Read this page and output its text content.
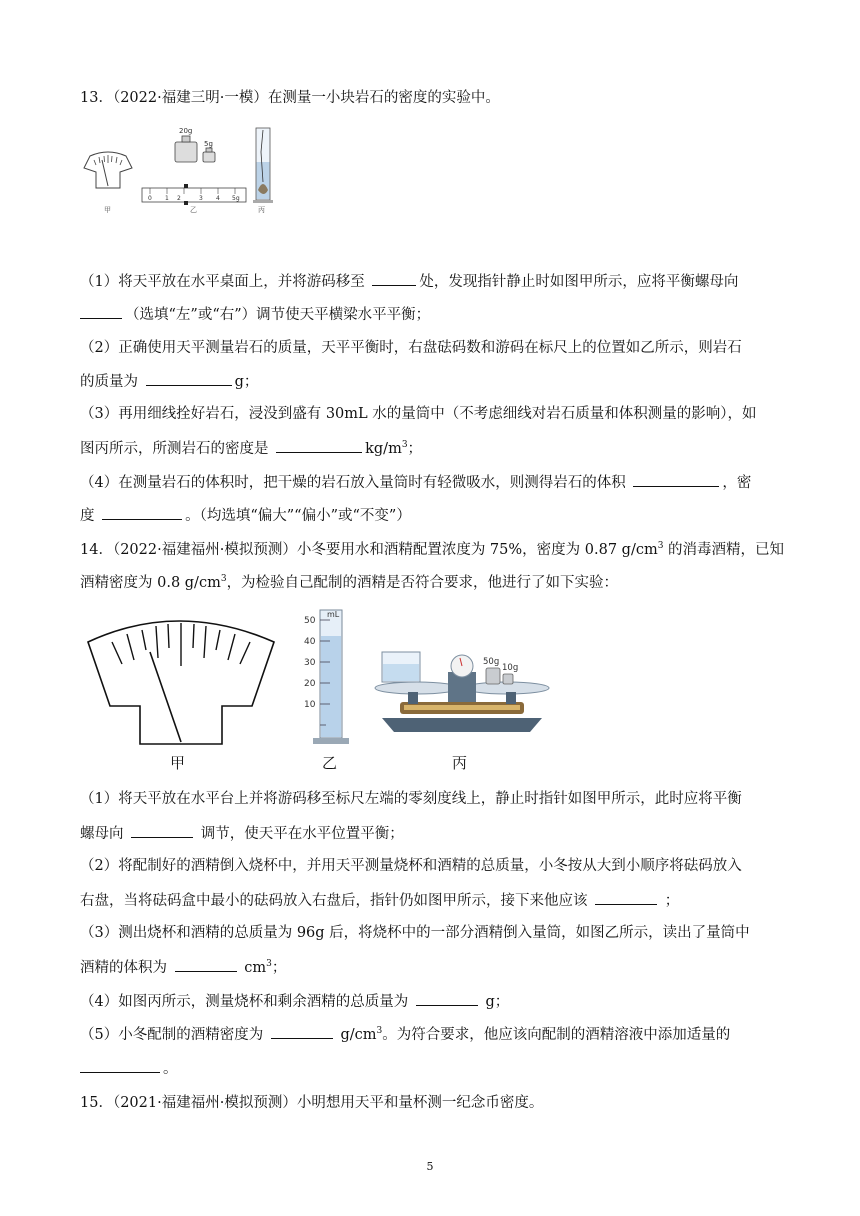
13．（2022·福建三明·一模）在测量一小块岩石的密度的实验中。
甲
20g
5g
0 1 2	3 4 5g
乙	丙
（1）将天平放在水平桌面上，并将游码移至	处，发现指针静止时如图甲所示，应将平衡螺母向
（选填“左”或“右”）调节使天平横梁水平平衡；
（2）正确使用天平测量岩石的质量，天平平衡时，右盘砝码数和游码在标尺上的位置如乙所示，则岩石
的质量为	g；
（3）再用细线拴好岩石，浸没到盛有 30mL 水的量筒中（不考虑细线对岩石质量和体积测量的影响），如
图丙所示，所测岩石的密度是	$kg/m^3$；
（4）在测量岩石的体积时，把干燥的岩石放入量筒时有轻微吸水，则测得岩石的体积	，密
度	。（均选填“偏大”“偏小”或“不变”）
14．（2022·福建福州·模拟预测）小冬要用水和酒精配置浓度为 75%，密度为 0.87 $g/cm^3$ 的消毒酒精，已知
酒精密度为 0.8 $g/cm^3$，为检验自己配制的酒精是否符合要求，他进行了如下实验：
甲
mL
50
40
30
20
10
乙
50g
10g
丙
（1）将天平放在水平台上并将游码移至标尺左端的零刻度线上，静止时指针如图甲所示，此时应将平衡
螺母向	调节，使天平在水平位置平衡；
（2）将配制好的酒精倒入烧杯中，并用天平测量烧杯和酒精的总质量，小冬按从大到小顺序将砝码放入
右盘，当将砝码盒中最小的砝码放入右盘后，指针仍如图甲所示，接下来他应该	；
（3）测出烧杯和酒精的总质量为 96g 后，将烧杯中的一部分酒精倒入量筒，如图乙所示，读出了量筒中
酒精的体积为	$cm^3$；
（4）如图丙所示，测量烧杯和剩余酒精的总质量为	g；
（5）小冬配制的酒精密度为	$g/cm^3$。为符合要求，他应该向配制的酒精溶液中添加适量的
。
15．（2021·福建福州·模拟预测）小明想用天平和量杯测一纪念币密度。
5
